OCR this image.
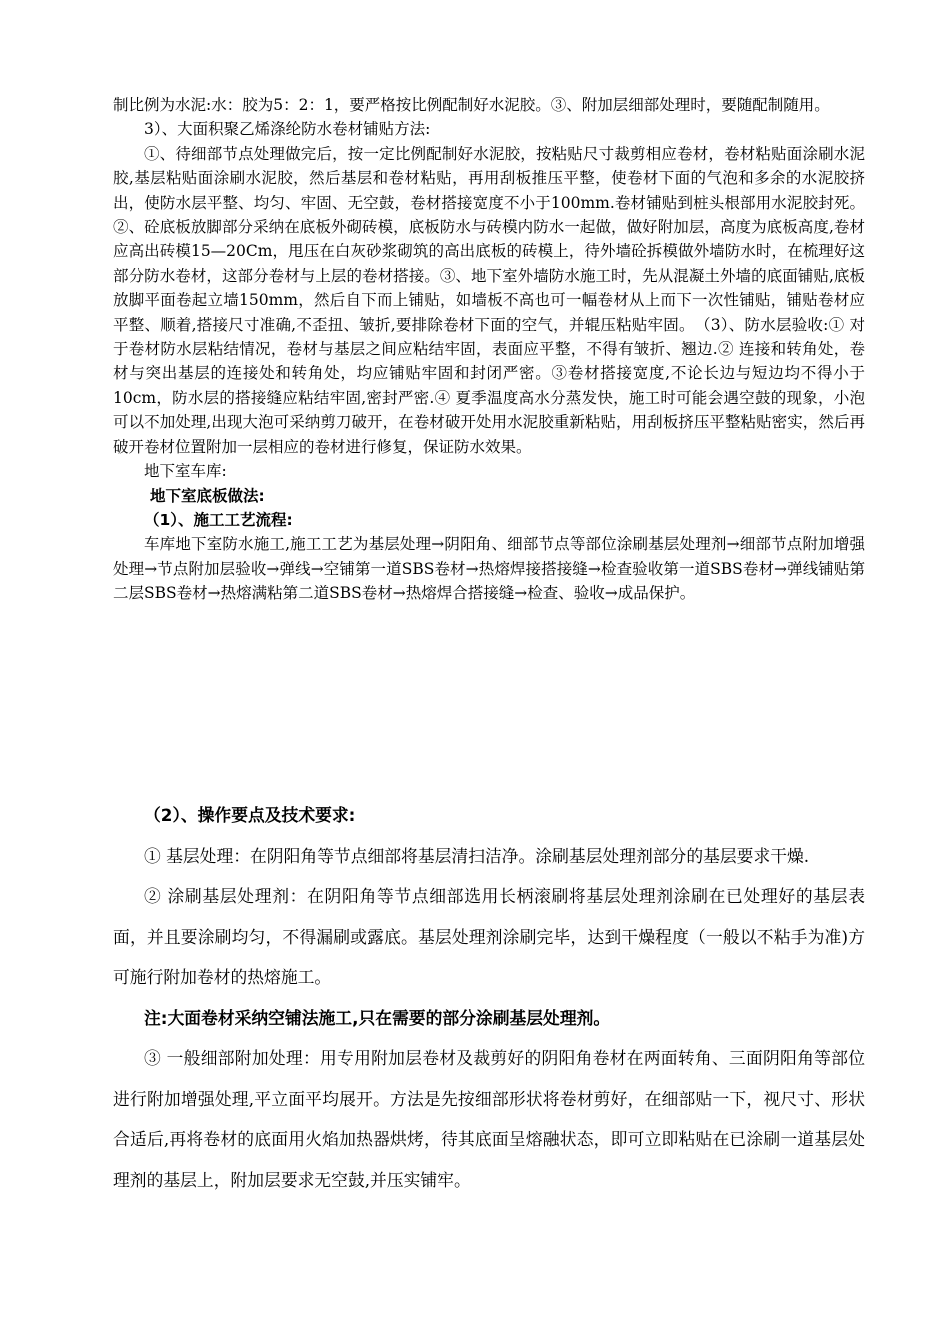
制比例为水泥:水：胶为5：2：1，要严格按比例配制好水泥胶。③、附加层细部处理时，要随配制随用。

3）、大面积聚乙烯涤纶防水卷材铺贴方法:

①、待细部节点处理做完后，按一定比例配制好水泥胶，按粘贴尺寸裁剪相应卷材，卷材粘贴面涂刷水泥胶,基层粘贴面涂刷水泥胶，然后基层和卷材粘贴，再用刮板推压平整，使卷材下面的气泡和多余的水泥胶挤出，使防水层平整、均匀、牢固、无空鼓，卷材搭接宽度不小于100mm.卷材铺贴到桩头根部用水泥胶封死。②、砼底板放脚部分采纳在底板外砌砖模，底板防水与砖模内防水一起做，做好附加层，高度为底板高度,卷材应高出砖模15—20Cm，甩压在白灰砂浆砌筑的高出底板的砖模上，待外墙砼拆模做外墙防水时，在梳理好这部分防水卷材，这部分卷材与上层的卷材搭接。③、地下室外墙防水施工时，先从混凝土外墙的底面铺贴,底板放脚平面卷起立墙150mm，然后自下而上铺贴，如墙板不高也可一幅卷材从上而下一次性铺贴，铺贴卷材应平整、顺着,搭接尺寸准确,不歪扭、皱折,要排除卷材下面的空气，并辊压粘贴牢固。　（3）、防水层验收:① 对于卷材防水层粘结情况，卷材与基层之间应粘结牢固，表面应平整，不得有皱折、翘边.② 连接和转角处，卷材与突出基层的连接处和转角处，均应铺贴牢固和封闭严密。③卷材搭接宽度,不论长边与短边均不得小于10cm，防水层的搭接缝应粘结牢固,密封严密.④ 夏季温度高水分蒸发快，施工时可能会遇空鼓的现象，小泡可以不加处理,出现大泡可采纳剪刀破开，在卷材破开处用水泥胶重新粘贴，用刮板挤压平整粘贴密实，然后再破开卷材位置附加一层相应的卷材进行修复，保证防水效果。

地下室车库:

地下室底板做法:

（1）、施工工艺流程:

车库地下室防水施工,施工工艺为基层处理→阴阳角、细部节点等部位涂刷基层处理剂→细部节点附加增强处理→节点附加层验收→弹线→空铺第一道SBS卷材→热熔焊接搭接缝→检查验收第一道SBS卷材→弹线铺贴第二层SBS卷材→热熔满粘第二道SBS卷材→热熔焊合搭接缝→检查、验收→成品保护。

（2）、操作要点及技术要求:

① 基层处理：在阴阳角等节点细部将基层清扫洁净。涂刷基层处理剂部分的基层要求干燥.

② 涂刷基层处理剂：在阴阳角等节点细部选用长柄滚刷将基层处理剂涂刷在已处理好的基层表面，并且要涂刷均匀，不得漏刷或露底。基层处理剂涂刷完毕，达到干燥程度（一般以不粘手为准)方可施行附加卷材的热熔施工。

注:大面卷材采纳空铺法施工,只在需要的部分涂刷基层处理剂。

③ 一般细部附加处理：用专用附加层卷材及裁剪好的阴阳角卷材在两面转角、三面阴阳角等部位进行附加增强处理,平立面平均展开。方法是先按细部形状将卷材剪好，在细部贴一下，视尺寸、形状合适后,再将卷材的底面用火焰加热器烘烤，待其底面呈熔融状态，即可立即粘贴在已涂刷一道基层处理剂的基层上，附加层要求无空鼓,并压实铺牢。
